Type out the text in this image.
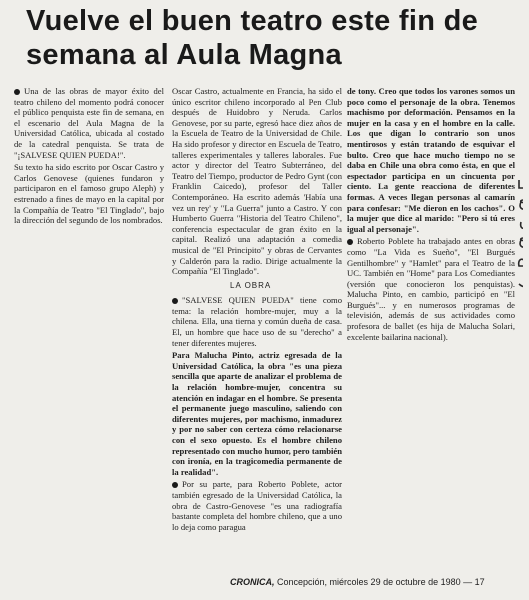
Vuelve el buen teatro este fin de semana al Aula Magna

Una de las obras de mayor éxito del teatro chileno del momento podrá conocer el público penquista este fin de semana, en el escenario del Aula Magna de la Universidad Católica, ubicada al costado de la catedral penquista. Se trata de "¡SALVESE QUIEN PUEDA!".

Su texto ha sido escrito por Oscar Castro y Carlos Genovese (quienes fundaron y participaron en el famoso grupo Aleph) y estrenado a fines de mayo en la capital por la Compañía de Teatro "El Tinglado", bajo la dirección del segundo de los nombrados.

Oscar Castro, actualmente en Francia, ha sido el único escritor chileno incorporado al Pen Club después de Huidobro y Neruda. Carlos Genovese, por su parte, egresó hace diez años de la Escuela de Teatro de la Universidad de Chile. Ha sido profesor y director en Escuela de Teatro, talleres experimentales y talleres laborales. Fue actor y director del Teatro Subterráneo, del Teatro del Tiempo, productor de Pedro Gynt (con Franklin Caicedo), profesor del Taller Contemporáneo. Ha escrito además 'Había una vez un rey' y "La Guerra" junto a Castro. Y con Humberto Guerra "Historia del Teatro Chileno", conferencia espectacular de gran éxito en la capital. Realizó una adaptación a comedia musical de "El Principito" y obras de Cervantes y Calderón para la radio. Dirige actualmente la Compañía "El Tinglado".

LA OBRA

"SALVESE QUIEN PUEDA" tiene como tema: la relación hombre-mujer, muy a la chilena. Ella, una tierna y común dueña de casa. El, un hombre que hace uso de su "derecho" a tener diferentes mujeres.

Para Malucha Pinto, actriz egresada de la Universidad Católica, la obra "es una pieza sencilla que aparte de analizar el problema de la relación hombre-mujer, concentra su atención en indagar en el hombre. Se presenta el permanente juego masculino, saliendo con diferentes mujeres, por machismo, inmadurez y por no saber con certeza cómo relacionarse con el sexo opuesto. Es el hombre chileno representado con mucho humor, pero también con ironía, en la tragicomedia permanente de la realidad".

Por su parte, para Roberto Poblete, actor también egresado de la Universidad Católica, la obra de Castro-Genovese "es una radiografía bastante completa del hombre chileno, que a uno lo deja como paragua

de tony. Creo que todos los varones somos un poco como el personaje de la obra. Tenemos machismo por deformación. Pensamos en la mujer en la casa y en el hombre en la calle. Los que digan lo contrario son unos mentirosos y están tratando de esquivar el bulto. Creo que hace mucho tiempo no se daba en Chile una obra como ésta, en que el espectador participa en un cincuenta por ciento. La gente reacciona de diferentes formas. A veces llegan personas al camarín para confesar: "Me dieron en los cachos". O la mujer que dice al marido: "Pero si tú eres igual al personaje".

Roberto Poblete ha trabajado antes en obras como "La Vida es Sueño", "El Burgués Gentilhombre" y "Hamlet" para el Teatro de la UC. También en "Home" para Los Comediantes (versión que conocieron los penquistas). Malucha Pinto, en cambio, participó en "El Burgués"... y en numerosos programas de televisión, además de sus actividades como profesora de ballet (es hija de Malucha Solari, excelente bailarina nacional).

CRONICA, Concepción, miércoles 29 de octubre de 1980 — 17
